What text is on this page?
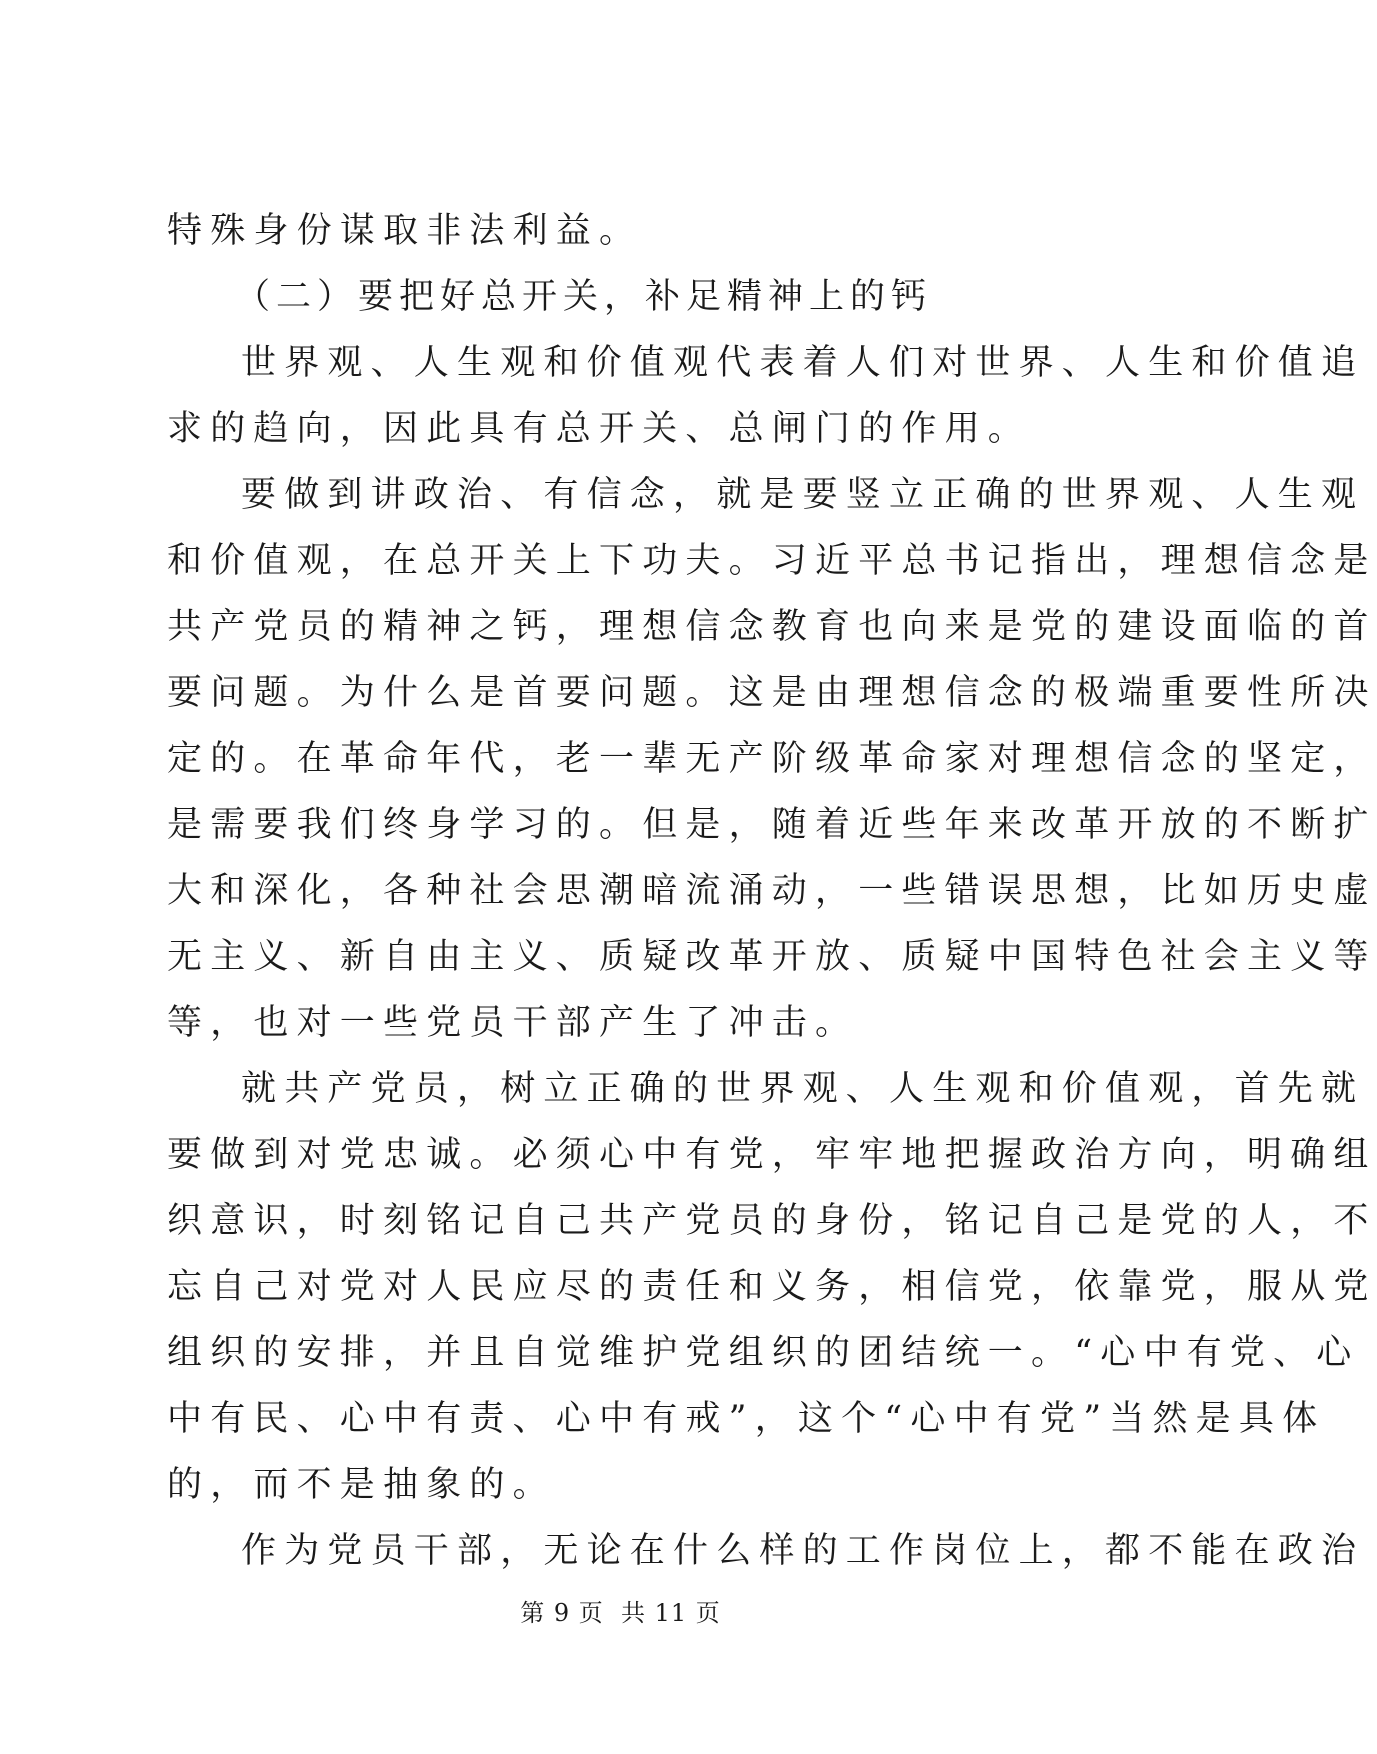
特殊身份谋取非法利益。
（二）要把好总开关，补足精神上的钙
世界观、人生观和价值观代表着人们对世界、人生和价值追
求的趋向，因此具有总开关、总闸门的作用。
要做到讲政治、有信念，就是要竖立正确的世界观、人生观
和价值观，在总开关上下功夫。习近平总书记指出，理想信念是
共产党员的精神之钙，理想信念教育也向来是党的建设面临的首
要问题。为什么是首要问题。这是由理想信念的极端重要性所决
定的。在革命年代，老一辈无产阶级革命家对理想信念的坚定，
是需要我们终身学习的。但是，随着近些年来改革开放的不断扩
大和深化，各种社会思潮暗流涌动，一些错误思想，比如历史虚
无主义、新自由主义、质疑改革开放、质疑中国特色社会主义等
等，也对一些党员干部产生了冲击。
就共产党员，树立正确的世界观、人生观和价值观，首先就
要做到对党忠诚。必须心中有党，牢牢地把握政治方向，明确组
织意识，时刻铭记自己共产党员的身份，铭记自己是党的人，不
忘自己对党对人民应尽的责任和义务，相信党，依靠党，服从党
组织的安排，并且自觉维护党组织的团结统一。“心中有党、心
中有民、心中有责、心中有戒”，这个“心中有党”当然是具体
的，而不是抽象的。
作为党员干部，无论在什么样的工作岗位上，都不能在政治
第 9 页  共 11 页
